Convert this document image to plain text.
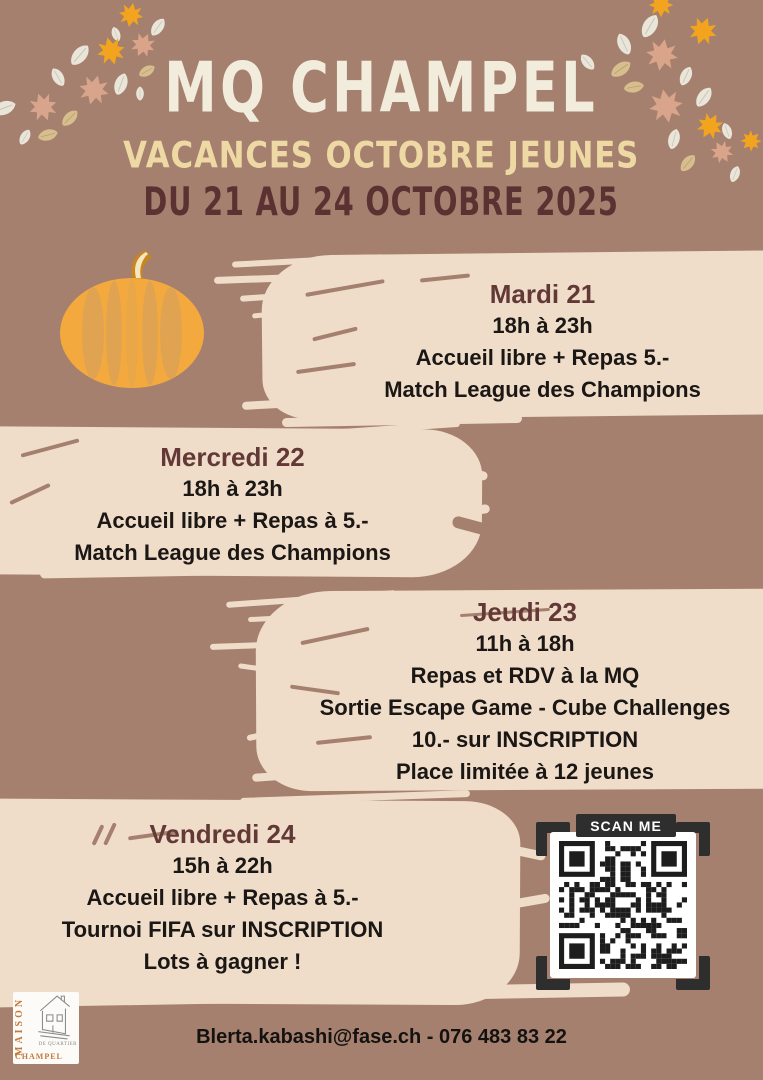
MQ CHAMPEL
VACANCES OCTOBRE JEUNES
DU 21 AU 24 OCTOBRE 2025
Mardi 21

18h à 23h

Accueil libre + Repas 5.-

Match League des Champions

Mercredi 22

18h à 23h

Accueil libre + Repas à 5.-

Match League des Champions

Jeudi 23

11h à 18h

Repas et RDV à la MQ

Sortie Escape Game - Cube Challenges

10.- sur INSCRIPTION

Place limitée à 12 jeunes

Vendredi 24

15h à 22h

Accueil libre + Repas à 5.-

Tournoi FIFA sur INSCRIPTION

Lots à gagner !

SCAN ME
MAISON	DE QUARTIER
CHAMPEL
Blerta.kabashi@fase.ch - 076 483 83 22
